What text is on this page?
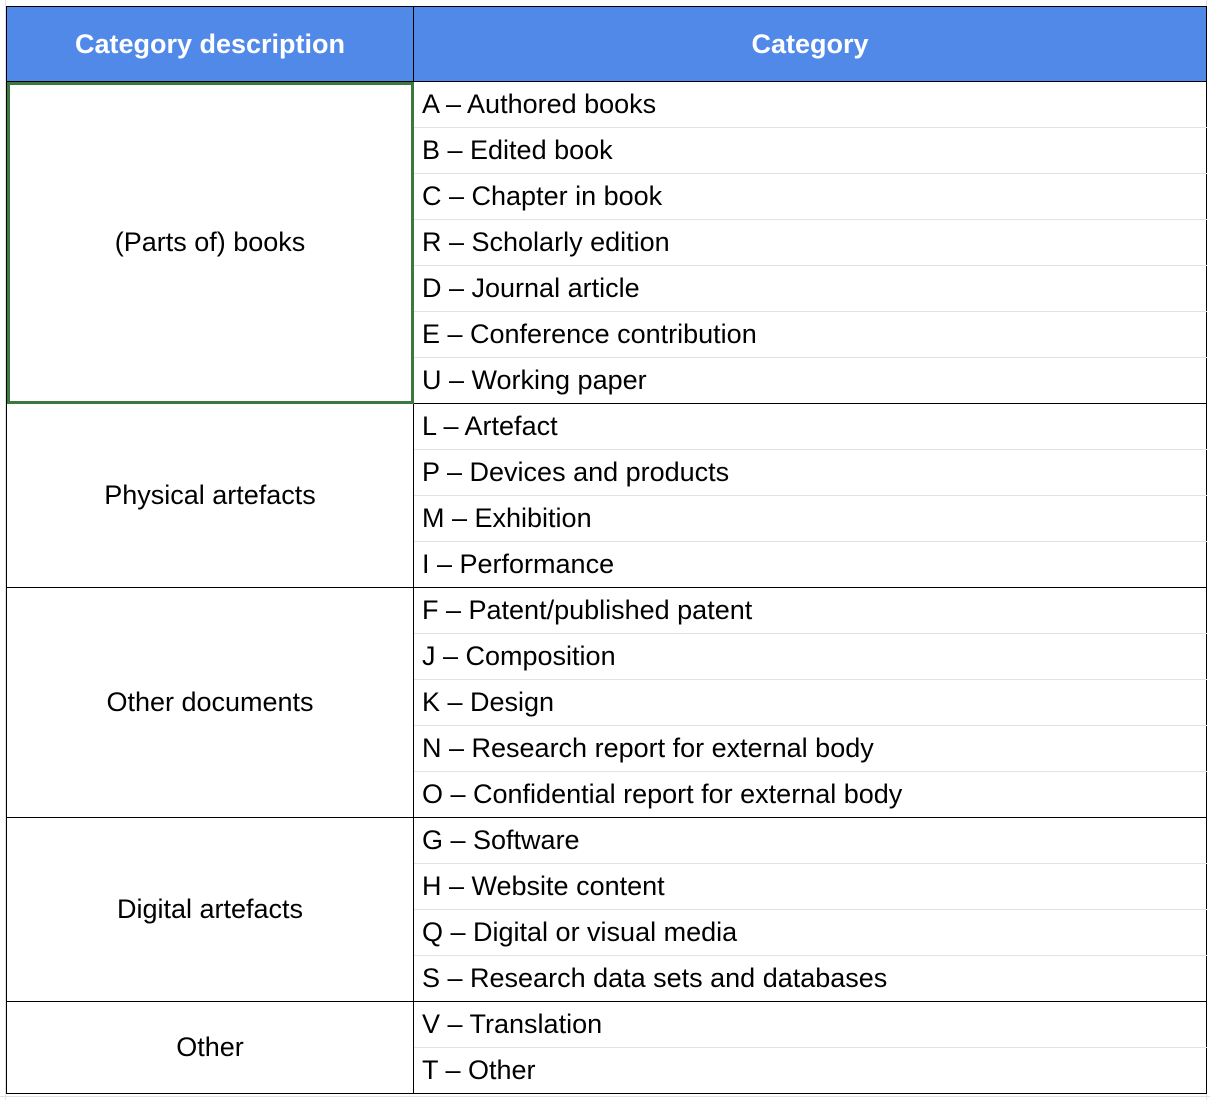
Category description	Category
(Parts of) books	A – Authored books
	B – Edited book
	C – Chapter in book
	R – Scholarly edition
	D – Journal article
	E – Conference contribution
	U – Working paper
Physical artefacts	L – Artefact
	P – Devices and products
	M – Exhibition
	I – Performance
Other documents	F – Patent/published patent
	J – Composition
	K – Design
	N – Research report for external body
	O – Confidential report for external body
Digital artefacts	G – Software
	H – Website content
	Q – Digital or visual media
	S – Research data sets and databases
Other	V – Translation
	T – Other
